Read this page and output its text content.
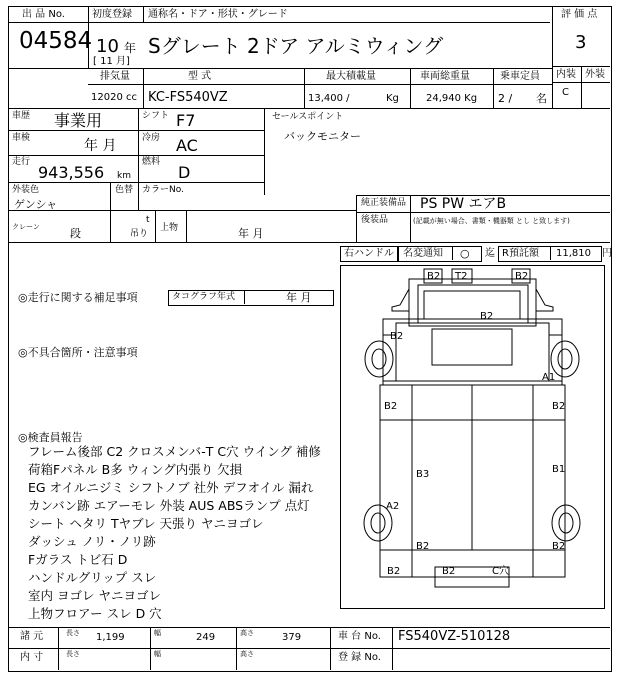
出 品 No.
04584
初度登録 通称名・ドア・形状・グレード
10 年
[ 11 月]
Sグレート 2ドア アルミウィング
評 価 点
3
内装 外装
C
排気量	型 式	最大積載量	車両総重量	乗車定員
12020 cc KC-FS540VZ	13,400 /	Kg	24,940 Kg 2 / 名
車歴 事業用	シフト F7
車検	年 月	冷房 AC
走行
943,556 km
燃料
D
外装色
ゲンシャ
色替 カラーNo.
セールスポイント
バックモニター
純正装備品 PS PW エアB
後装品	(記載が無い場合、書類・機器類 とし と致します)
クレーン	段
t
吊り
上物	年 月
右ハンドル 名変通知 ○ 迄 R預託額 11,810 円
◎走行に関する補足事項	タコグラフ年式	年 月
◎不具合箇所・注意事項
◎検査員報告
フレーム後部 C2 クロスメンバ-T C穴 ウイング 補修
荷箱Fパネル B多 ウィング内張り 欠損
EG オイルニジミ シフトノブ 社外 デフオイル 漏れ
カンバン跡 エアーモレ 外装 AUS ABSランプ 点灯
シート ヘタリ Tヤブレ 天張り ヤニヨゴレ
ダッシュ ノリ・ノリ跡
Fガラス トビ石 D
ハンドルグリップ スレ
室内 ヨゴレ ヤニヨゴレ
上物フロアー スレ D 穴
B2 T2	B2
B2
B2
A1
B2	B2
B3	B1
A2
B2	B2
B2	B2	C穴
諸 元	長さ 1,199	幅	249	高さ	379	車 台 No. FS540VZ-510128
内 寸	長さ	幅	高さ	登 録 No.
